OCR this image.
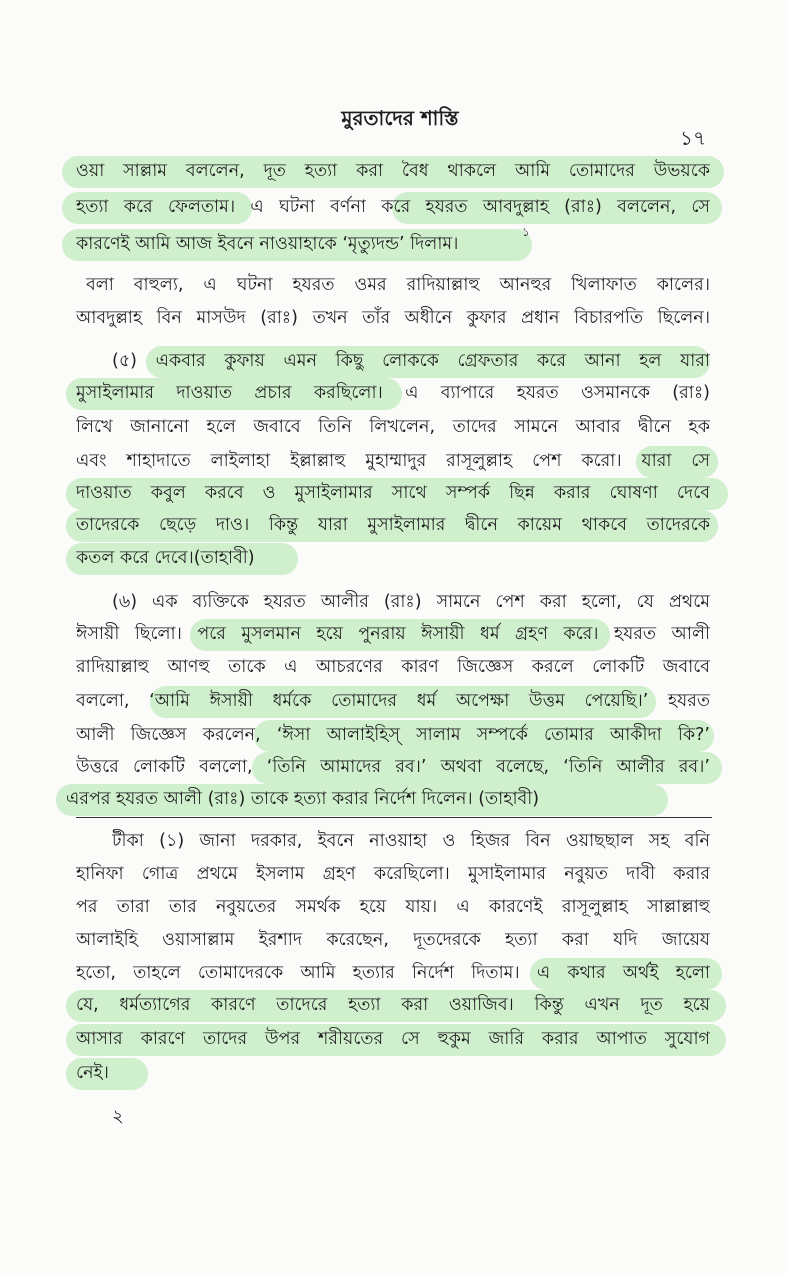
মুরতাদের শাস্তি
১৭
ওয়া সাল্লাম বললেন, দূত হত্যা করা বৈধ থাকলে আমি তোমাদের উভয়কে
হত্যা করে ফেলতাম। এ ঘটনা বর্ণনা করে হযরত আবদুল্লাহ (রাঃ) বললেন, সে
কারণেই আমি আজ ইবনে নাওয়াহাকে ‘মৃত্যুদন্ড’ দিলাম।
১
বলা বাহুল্য, এ ঘটনা হযরত ওমর রাদিয়াল্লাহু আনহুর খিলাফাত কালের।
আবদুল্লাহ বিন মাসউদ (রাঃ) তখন তাঁর অধীনে কুফার প্রধান বিচারপতি ছিলেন।
(৫) একবার কুফায় এমন কিছু লোককে গ্রেফতার করে আনা হল যারা
মুসাইলামার দাওয়াত প্রচার করছিলো। এ ব্যাপারে হযরত ওসমানকে (রাঃ)
লিখে জানানো হলে জবাবে তিনি লিখলেন, তাদের সামনে আবার দ্বীনে হক
এবং শাহাদাতে লাইলাহা ইল্লাল্লাহু মুহাম্মাদুর রাসূলুল্লাহ পেশ করো। যারা সে
দাওয়াত কবুল করবে ও মুসাইলামার সাথে সম্পর্ক ছিন্ন করার ঘোষণা দেবে
তাদেরকে ছেড়ে দাও। কিন্তু যারা মুসাইলামার দ্বীনে কায়েম থাকবে তাদেরকে
কতল করে দেবে।(তাহাবী)
(৬) এক ব্যক্তিকে হযরত আলীর (রাঃ) সামনে পেশ করা হলো, যে প্রথমে
ঈসায়ী ছিলো। পরে মুসলমান হয়ে পুনরায় ঈসায়ী ধর্ম গ্রহণ করে। হযরত আলী
রাদিয়াল্লাহু আণহু তাকে এ আচরণের কারণ জিজ্ঞেস করলে লোকটি জবাবে
বললো, ‘আমি ঈসায়ী ধর্মকে তোমাদের ধর্ম অপেক্ষা উত্তম পেয়েছি।’ হযরত
আলী জিজ্ঞেস করলেন, ‘ঈসা আলাইহিস্ সালাম সম্পর্কে তোমার আকীদা কি?’
উত্তরে লোকটি বললো, ‘তিনি আমাদের রব।’ অথবা বলেছে, ‘তিনি আলীর রব।’
এরপর হযরত আলী (রাঃ) তাকে হত্যা করার নির্দেশ দিলেন। (তাহাবী)
টীকা (১) জানা দরকার, ইবনে নাওয়াহা ও হিজর বিন ওয়াছছাল সহ বনি
হানিফা গোত্র প্রথমে ইসলাম গ্রহণ করেছিলো। মুসাইলামার নবুয়ত দাবী করার
পর তারা তার নবুয়তের সমর্থক হয়ে যায়। এ কারণেই রাসূলুল্লাহ সাল্লাল্লাহু
আলাইহি ওয়াসাল্লাম ইরশাদ করেছেন, দূতদেরকে হত্যা করা যদি জায়েয
হতো, তাহলে তোমাদেরকে আমি হত্যার নির্দেশ দিতাম। এ কথার অর্থই হলো
যে, ধর্মত্যাগের কারণে তাদেরে হত্যা করা ওয়াজিব। কিন্তু এখন দূত হয়ে
আসার কারণে তাদের উপর শরীয়তের সে হুকুম জারি করার আপাত সুযোগ
নেই।
২
